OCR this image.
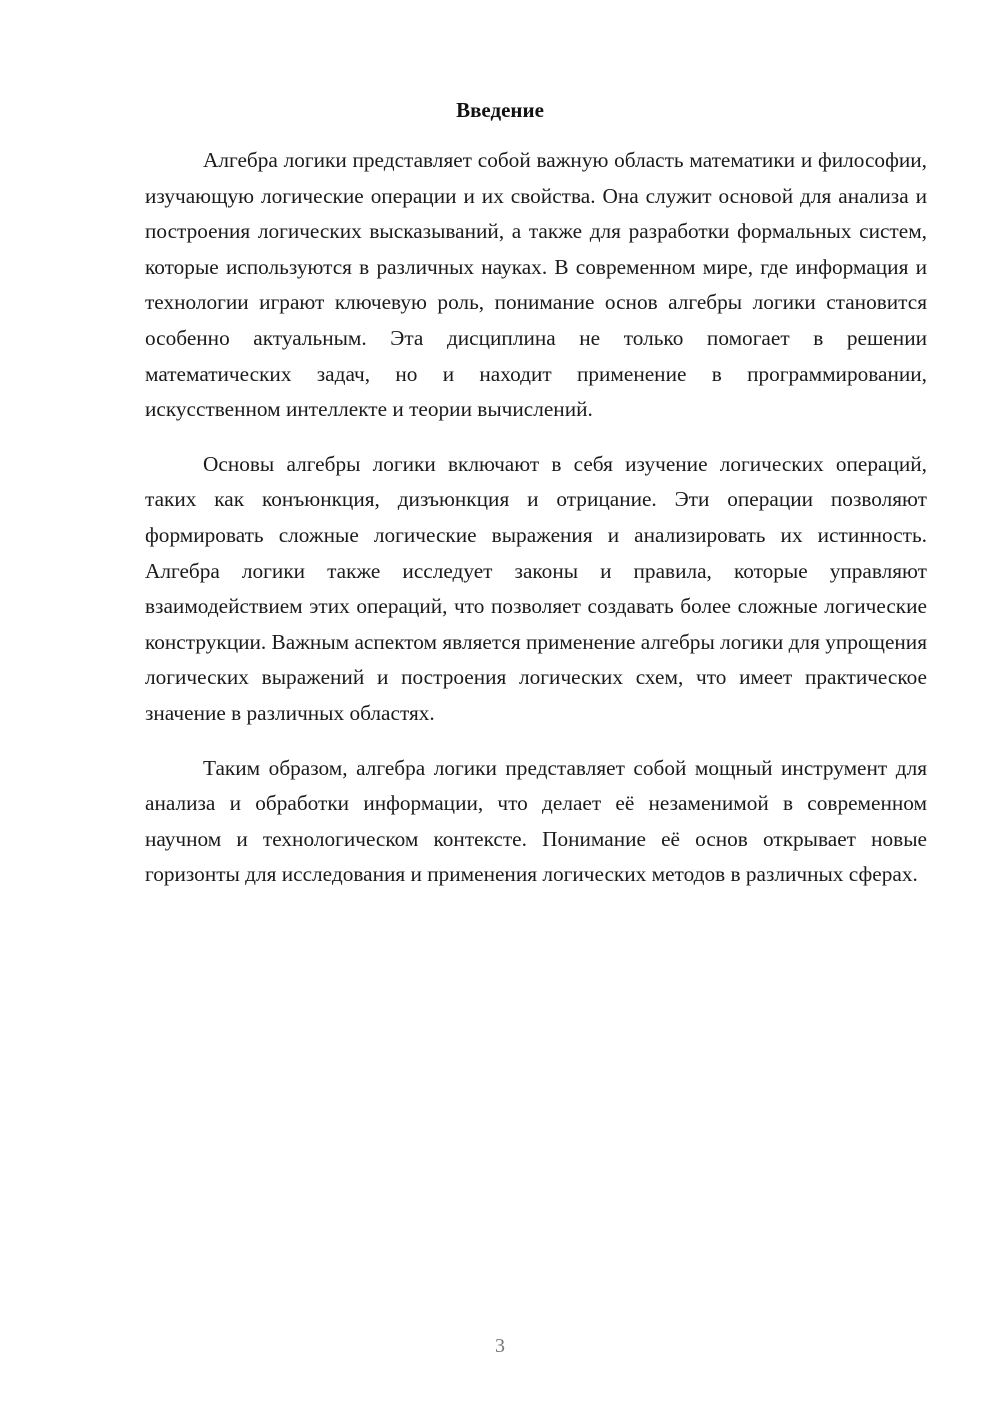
Введение

Алгебра логики представляет собой важную область математики и философии, изучающую логические операции и их свойства. Она служит основой для анализа и построения логических высказываний, а также для разработки формальных систем, которые используются в различных науках. В современном мире, где информация и технологии играют ключевую роль, понимание основ алгебры логики становится особенно актуальным. Эта дисциплина не только помогает в решении математических задач, но и находит применение в программировании, искусственном интеллекте и теории вычислений.

Основы алгебры логики включают в себя изучение логических операций, таких как конъюнкция, дизъюнкция и отрицание. Эти операции позволяют формировать сложные логические выражения и анализировать их истинность. Алгебра логики также исследует законы и правила, которые управляют взаимодействием этих операций, что позволяет создавать более сложные логические конструкции. Важным аспектом является применение алгебры логики для упрощения логических выражений и построения логических схем, что имеет практическое значение в различных областях.

Таким образом, алгебра логики представляет собой мощный инструмент для анализа и обработки информации, что делает её незаменимой в современном научном и технологическом контексте. Понимание её основ открывает новые горизонты для исследования и применения логических методов в различных сферах.

3
